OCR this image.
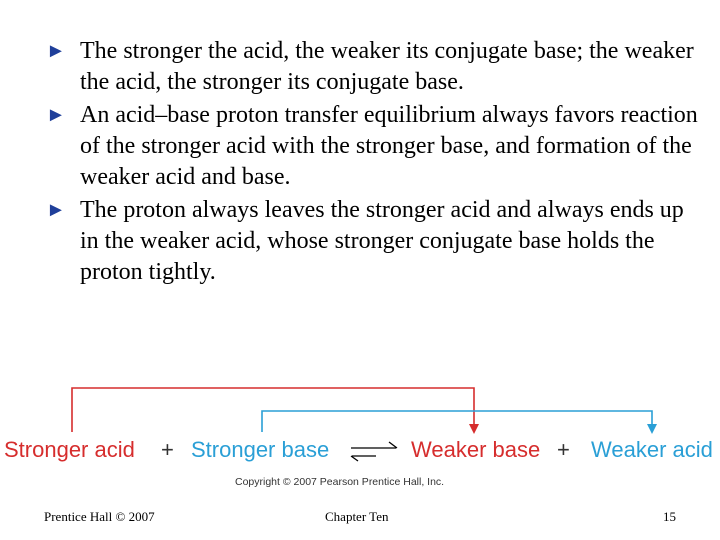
► The stronger the acid, the weaker its conjugate base; the weaker the acid, the stronger its conjugate base.
► An acid–base proton transfer equilibrium always favors reaction of the stronger acid with the stronger base, and formation of the weaker acid and base.
► The proton always leaves the stronger acid and always ends up in the weaker acid, whose stronger conjugate base holds the proton tightly.
Stronger acid + Stronger base	Weaker base + Weaker acid
Copyright © 2007 Pearson Prentice Hall, Inc.
Prentice Hall © 2007	Chapter Ten	15
